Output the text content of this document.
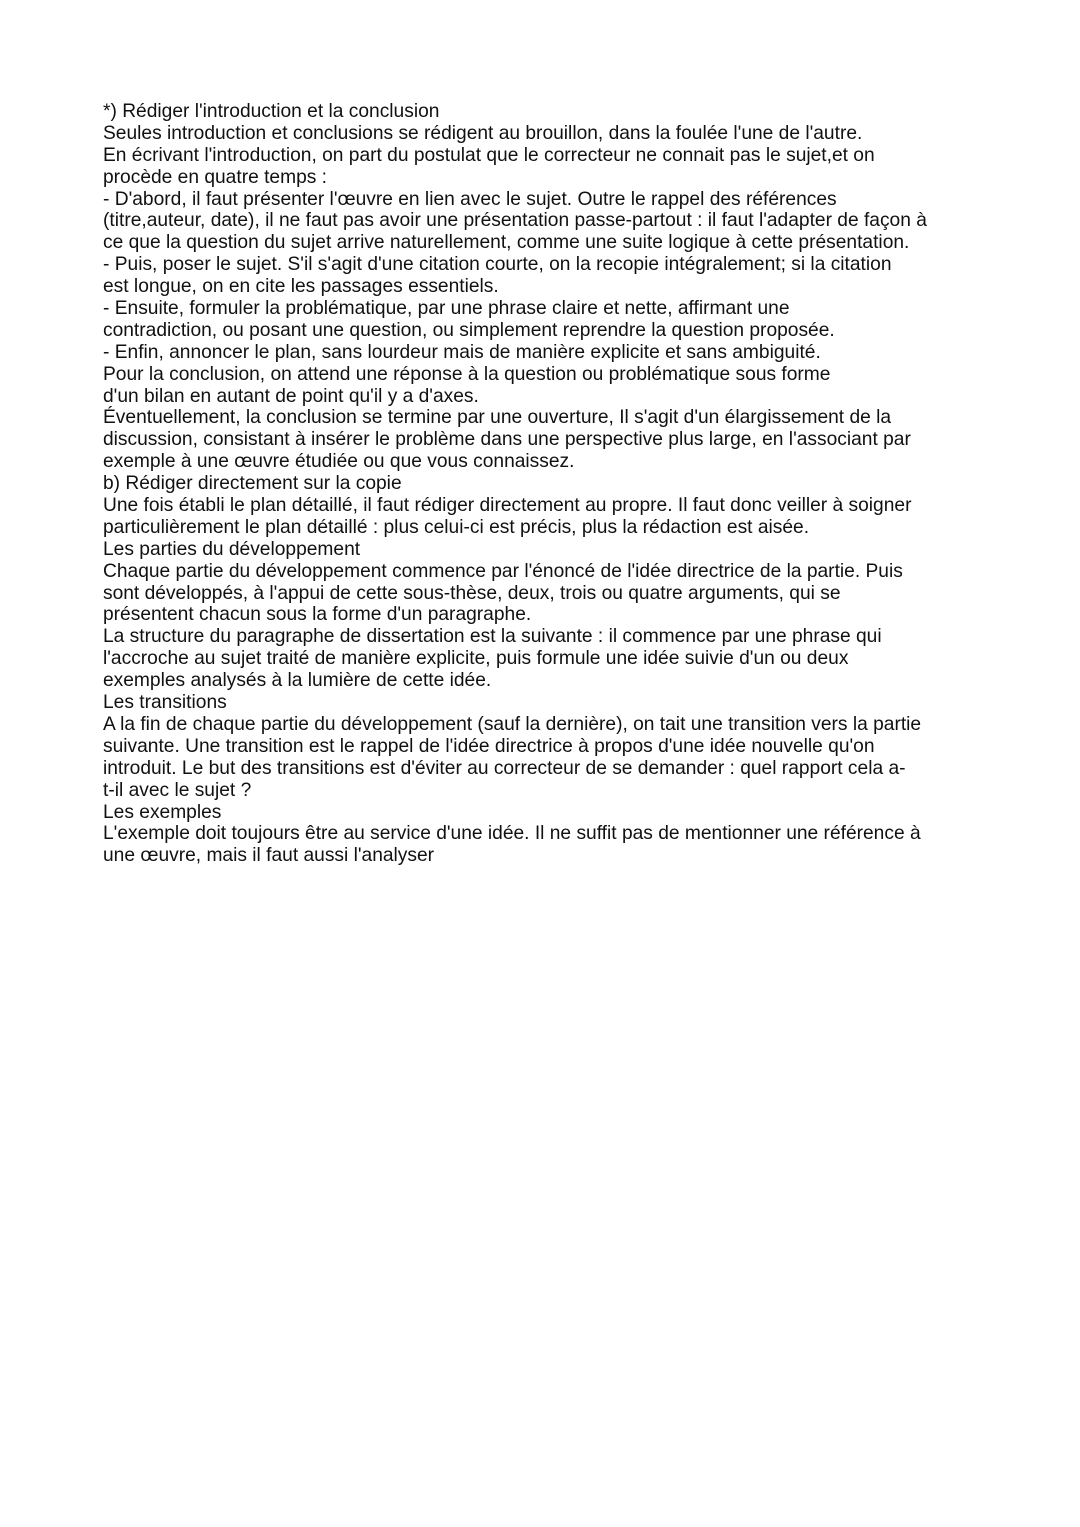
*) Rédiger l'introduction et la conclusion
Seules introduction et conclusions se rédigent au brouillon, dans la foulée l'une de l'autre.
En écrivant l'introduction, on part du postulat que le correcteur ne connait pas le sujet,et on
procède en quatre temps :
- D'abord, il faut présenter l'œuvre en lien avec le sujet. Outre le rappel des références
(titre,auteur, date), il ne faut pas avoir une présentation passe-partout : il faut l'adapter de façon à
ce que la question du sujet arrive naturellement, comme une suite logique à cette présentation.
- Puis, poser le sujet. S'il s'agit d'une citation courte, on la recopie intégralement; si la citation
est longue, on en cite les passages essentiels.
- Ensuite, formuler la problématique, par une phrase claire et nette, affirmant une
contradiction, ou posant une question, ou simplement reprendre la question proposée.
- Enfin, annoncer le plan, sans lourdeur mais de manière explicite et sans ambiguité.
Pour la conclusion, on attend une réponse à la question ou problématique sous forme
d'un bilan en autant de point qu'il y a d'axes.
Éventuellement, la conclusion se termine par une ouverture, Il s'agit d'un élargissement de la
discussion, consistant à insérer le problème dans une perspective plus large, en l'associant par
exemple à une œuvre étudiée ou que vous connaissez.
b) Rédiger directement sur la copie
Une fois établi le plan détaillé, il faut rédiger directement au propre. Il faut donc veiller à soigner
particulièrement le plan détaillé : plus celui-ci est précis, plus la rédaction est aisée.
Les parties du développement
Chaque partie du développement commence par l'énoncé de l'idée directrice de la partie. Puis
sont développés, à l'appui de cette sous-thèse, deux, trois ou quatre arguments, qui se
présentent chacun sous la forme d'un paragraphe.
La structure du paragraphe de dissertation est la suivante : il commence par une phrase qui
l'accroche au sujet traité de manière explicite, puis formule une idée suivie d'un ou deux
exemples analysés à la lumière de cette idée.
Les transitions
A la fin de chaque partie du développement (sauf la dernière), on tait une transition vers la partie
suivante. Une transition est le rappel de l'idée directrice à propos d'une idée nouvelle qu'on
introduit. Le but des transitions est d'éviter au correcteur de se demander : quel rapport cela a-
t-il avec le sujet ?
Les exemples
L'exemple doit toujours être au service d'une idée. Il ne suffit pas de mentionner une référence à
une œuvre, mais il faut aussi l'analyser
